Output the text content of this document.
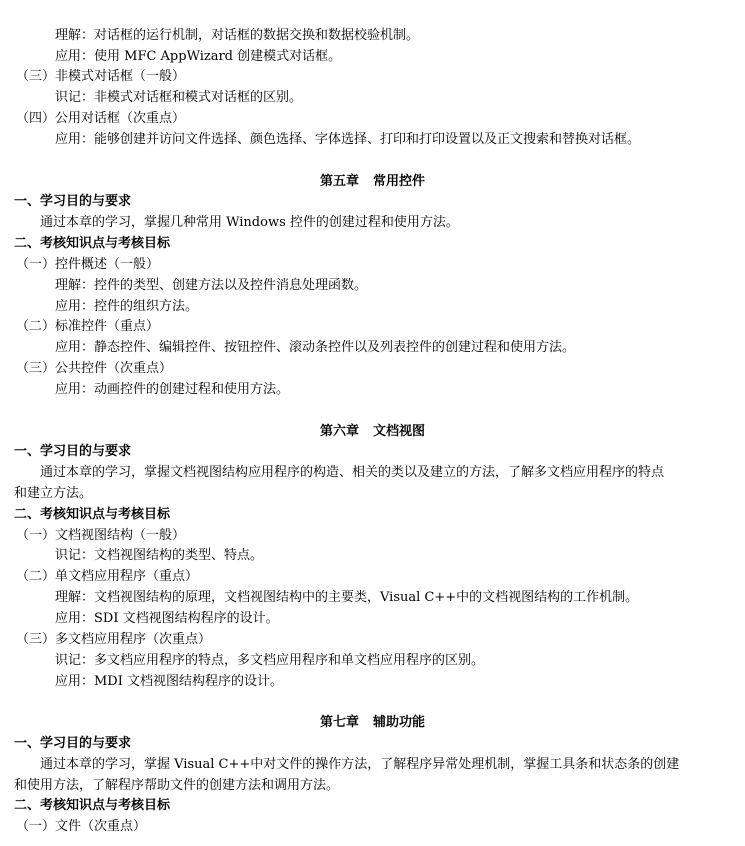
理解：对话框的运行机制，对话框的数据交换和数据校验机制。
应用：使用 MFC AppWizard 创建模式对话框。
（三）非模式对话框（一般）
识记：非模式对话框和模式对话框的区别。
（四）公用对话框（次重点）
应用：能够创建并访问文件选择、颜色选择、字体选择、打印和打印设置以及正文搜索和替换对话框。
第五章 常用控件
一、学习目的与要求
通过本章的学习，掌握几种常用 Windows 控件的创建过程和使用方法。
二、考核知识点与考核目标
（一）控件概述（一般）
理解：控件的类型、创建方法以及控件消息处理函数。
应用：控件的组织方法。
（二）标准控件（重点）
应用：静态控件、编辑控件、按钮控件、滚动条控件以及列表控件的创建过程和使用方法。
（三）公共控件（次重点）
应用：动画控件的创建过程和使用方法。
第六章 文档视图
一、学习目的与要求
通过本章的学习，掌握文档视图结构应用程序的构造、相关的类以及建立的方法，了解多文档应用程序的特点
和建立方法。
二、考核知识点与考核目标
（一）文档视图结构（一般）
识记：文档视图结构的类型、特点。
（二）单文档应用程序（重点）
理解：文档视图结构的原理，文档视图结构中的主要类，Visual C++中的文档视图结构的工作机制。
应用：SDI 文档视图结构程序的设计。
（三）多文档应用程序（次重点）
识记：多文档应用程序的特点，多文档应用程序和单文档应用程序的区别。
应用：MDI 文档视图结构程序的设计。
第七章 辅助功能
一、学习目的与要求
通过本章的学习，掌握 Visual C++中对文件的操作方法，了解程序异常处理机制，掌握工具条和状态条的创建
和使用方法，了解程序帮助文件的创建方法和调用方法。
二、考核知识点与考核目标
（一）文件（次重点）
